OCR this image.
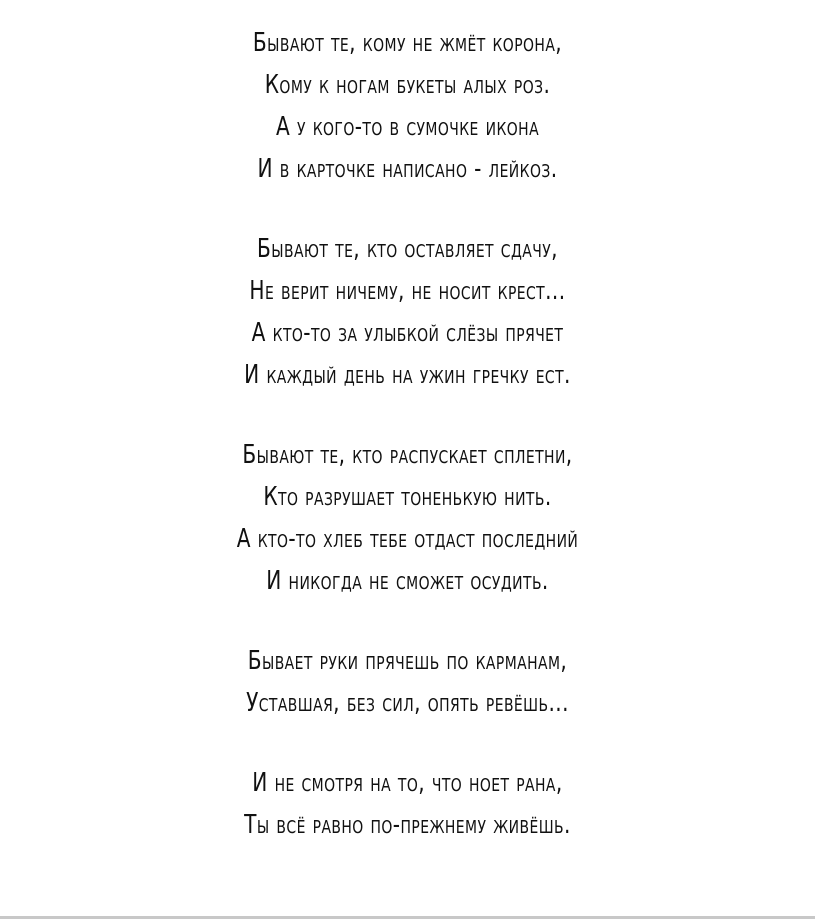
Бывают те, кому не жмёт корона,
Кому к ногам букеты алых роз.
А у кого-то в сумочке икона
И в карточке написано - лейкоз.
Бывают те, кто оставляет сдачу,
Не верит ничему, не носит крест...
А кто-то за улыбкой слёзы прячет
И каждый день на ужин гречку ест.
Бывают те, кто распускает сплетни,
Кто разрушает тоненькую нить.
А кто-то хлеб тебе отдаст последний
И никогда не сможет осудить.
Бывает руки прячешь по карманам,
Уставшая, без сил, опять ревёшь...
И не смотря на то, что ноет рана,
Ты всё равно по-прежнему живёшь.
